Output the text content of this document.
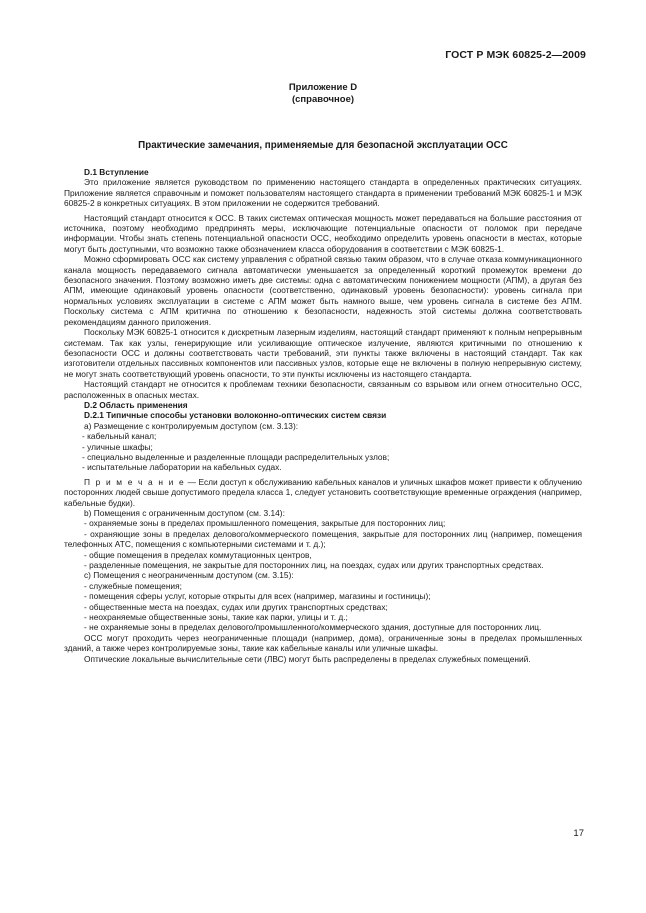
ГОСТ Р МЭК 60825-2—2009
Приложение D
(справочное)
Практические замечания, применяемые для безопасной эксплуатации ОСС

D.1 Вступление

Это приложение является руководством по применению настоящего стандарта в определенных практических ситуациях. Приложение является справочным и поможет пользователям настоящего стандарта в применении требований МЭК 60825-1 и МЭК 60825-2 в конкретных ситуациях. В этом приложении не содержится требований.

Настоящий стандарт относится к ОСС. В таких системах оптическая мощность может передаваться на большие расстояния от источника, поэтому необходимо предпринять меры, исключающие потенциальные опасности от поломок при передаче информации. Чтобы знать степень потенциальной опасности ОСС, необходимо определить уровень опасности в местах, которые могут быть доступными, что возможно также обозначением класса оборудования в соответствии с МЭК 60825-1.

Можно сформировать ОСС как систему управления с обратной связью таким образом, что в случае отказа коммуникационного канала мощность передаваемого сигнала автоматически уменьшается за определенный короткий промежуток времени до безопасного значения. Поэтому возможно иметь две системы: одна с автоматическим понижением мощности (АПМ), а другая без АПМ, имеющие одинаковый уровень опасности (соответственно, одинаковый уровень безопасности): уровень сигнала при нормальных условиях эксплуатации в системе с АПМ может быть намного выше, чем уровень сигнала в системе без АПМ. Поскольку система с АПМ критична по отношению к безопасности, надежность этой системы должна соответствовать рекомендациям данного приложения.

Поскольку МЭК 60825-1 относится к дискретным лазерным изделиям, настоящий стандарт применяют к полным непрерывным системам. Так как узлы, генерирующие или усиливающие оптическое излучение, являются критичными по отношению к безопасности ОСС и должны соответствовать части требований, эти пункты также включены в настоящий стандарт. Так как изготовители отдельных пассивных компонентов или пассивных узлов, которые еще не включены в полную непрерывную систему, не могут знать соответствующий уровень опасности, то эти пункты исключены из настоящего стандарта.

Настоящий стандарт не относится к проблемам техники безопасности, связанным со взрывом или огнем относительно ОСС, расположенных в опасных местах.

D.2 Область применения

D.2.1 Типичные способы установки волоконно-оптических систем связи

а) Размещение с контролируемым доступом (см. 3.13):

- кабельный канал;

- уличные шкафы;

- специально выделенные и разделенные площади распределительных узлов;

- испытательные лаборатории на кабельных судах.

П р и м е ч а н и е — Если доступ к обслуживанию кабельных каналов и уличных шкафов может привести к облучению посторонних людей свыше допустимого предела класса 1, следует установить соответствующие временные ограждения (например, кабельные будки).

b) Помещения с ограниченным доступом (см. 3.14):

- охраняемые зоны в пределах промышленного помещения, закрытые для посторонних лиц;

- охраняющие зоны в пределах делового/коммерческого помещения, закрытые для посторонних лиц (например, помещения телефонных АТС, помещения с компьютерными системами и т. д.);

- общие помещения в пределах коммутационных центров,

- разделенные помещения, не закрытые для посторонних лиц, на поездах, судах или других транспортных средствах.

с) Помещения с неограниченным доступом (см. 3.15):

- служебные помещения;

- помещения сферы услуг, которые открыты для всех (например, магазины и гостиницы);

- общественные места на поездах, судах или других транспортных средствах;

- неохраняемые общественные зоны, такие как парки, улицы и т. д.;

- не охраняемые зоны в пределах делового/промышленного/коммерческого здания, доступные для посторонних лиц.

ОСС могут проходить через неограниченные площади (например, дома), ограниченные зоны в пределах промышленных зданий, а также через контролируемые зоны, такие как кабельные каналы или уличные шкафы.

Оптические локальные вычислительные сети (ЛВС) могут быть распределены в пределах служебных помещений.

17
